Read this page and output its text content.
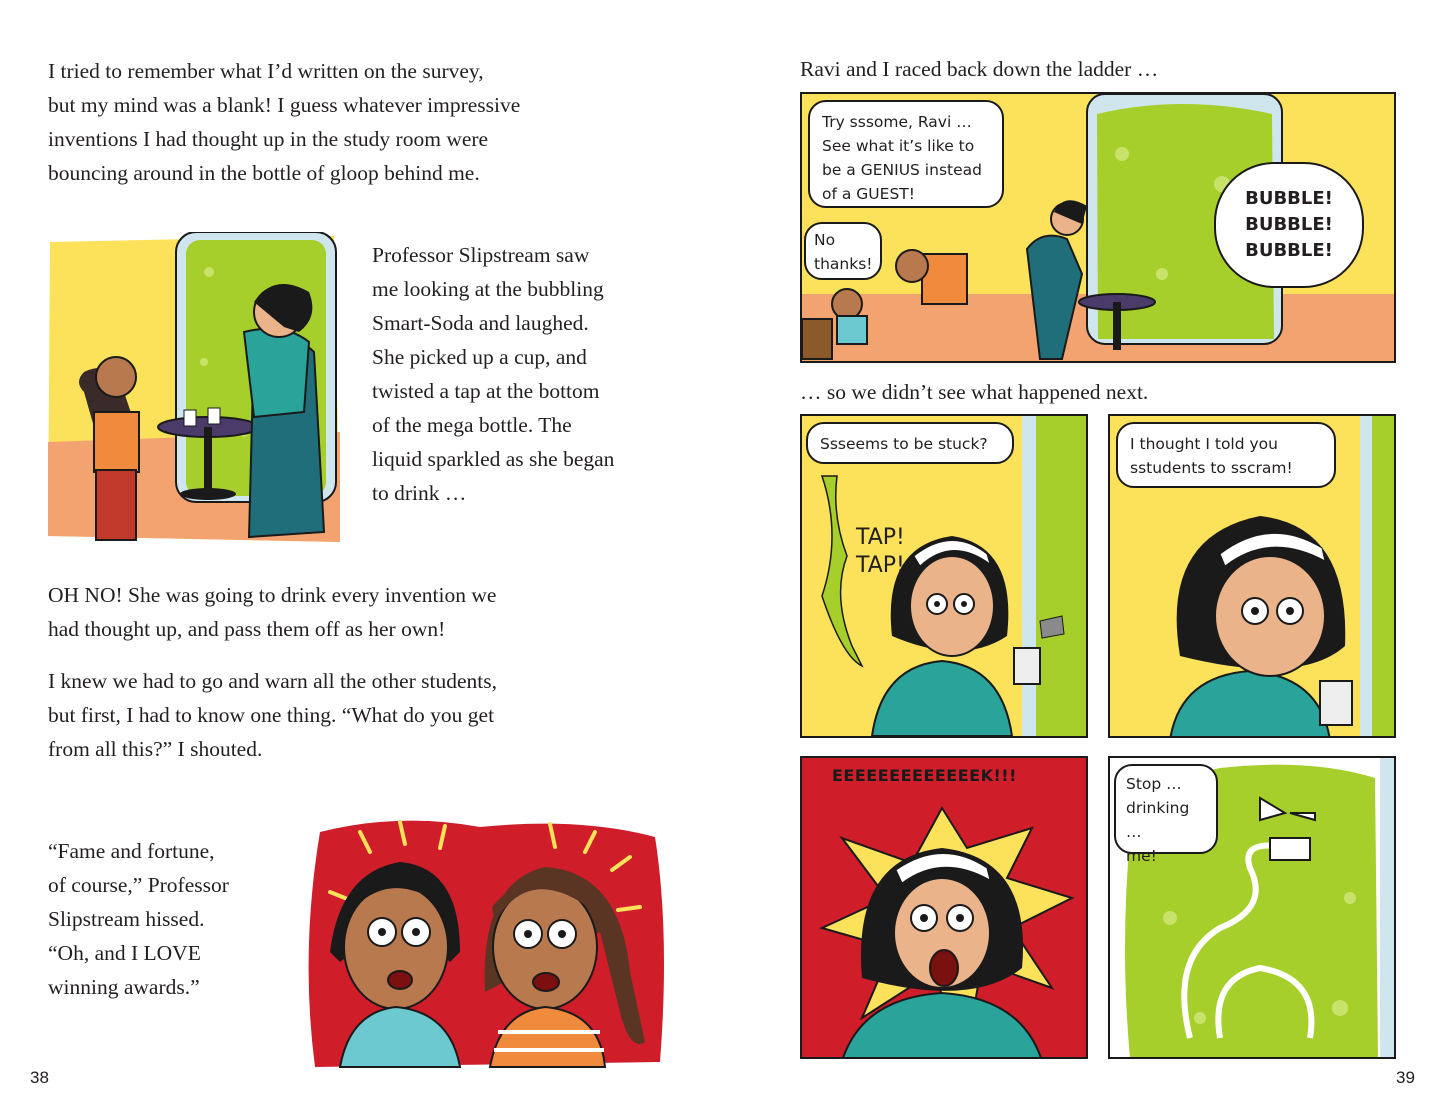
I tried to remember what I’d written on the survey,
but my mind was a blank! I guess whatever impressive
inventions I had thought up in the study room were
bouncing around in the bottle of gloop behind me.
Professor Slipstream saw
me looking at the bubbling
Smart-Soda and laughed.
She picked up a cup, and
twisted a tap at the bottom
of the mega bottle. The
liquid sparkled as she began
to drink …
OH NO! She was going to drink every invention we
had thought up, and pass them off as her own!
I knew we had to go and warn all the other students,
but first, I had to know one thing. “What do you get
from all this?” I shouted.
“Fame and fortune,
of course,” Professor
Slipstream hissed.
“Oh, and I LOVE
winning awards.”
38
Ravi and I raced back down the ladder …
Try sssome, Ravi …
See what it’s like to
be a GENIUS instead
of a GUEST!
No
thanks!
BUBBLE!
BUBBLE!
BUBBLE!
… so we didn’t see what happened next.
Ssseems to be stuck?
TAP!
TAP!
I thought I told you
sstudents to sscram!
EEEEEEEEEEEEEK!!!	Stop …
drinking …
me!
39
